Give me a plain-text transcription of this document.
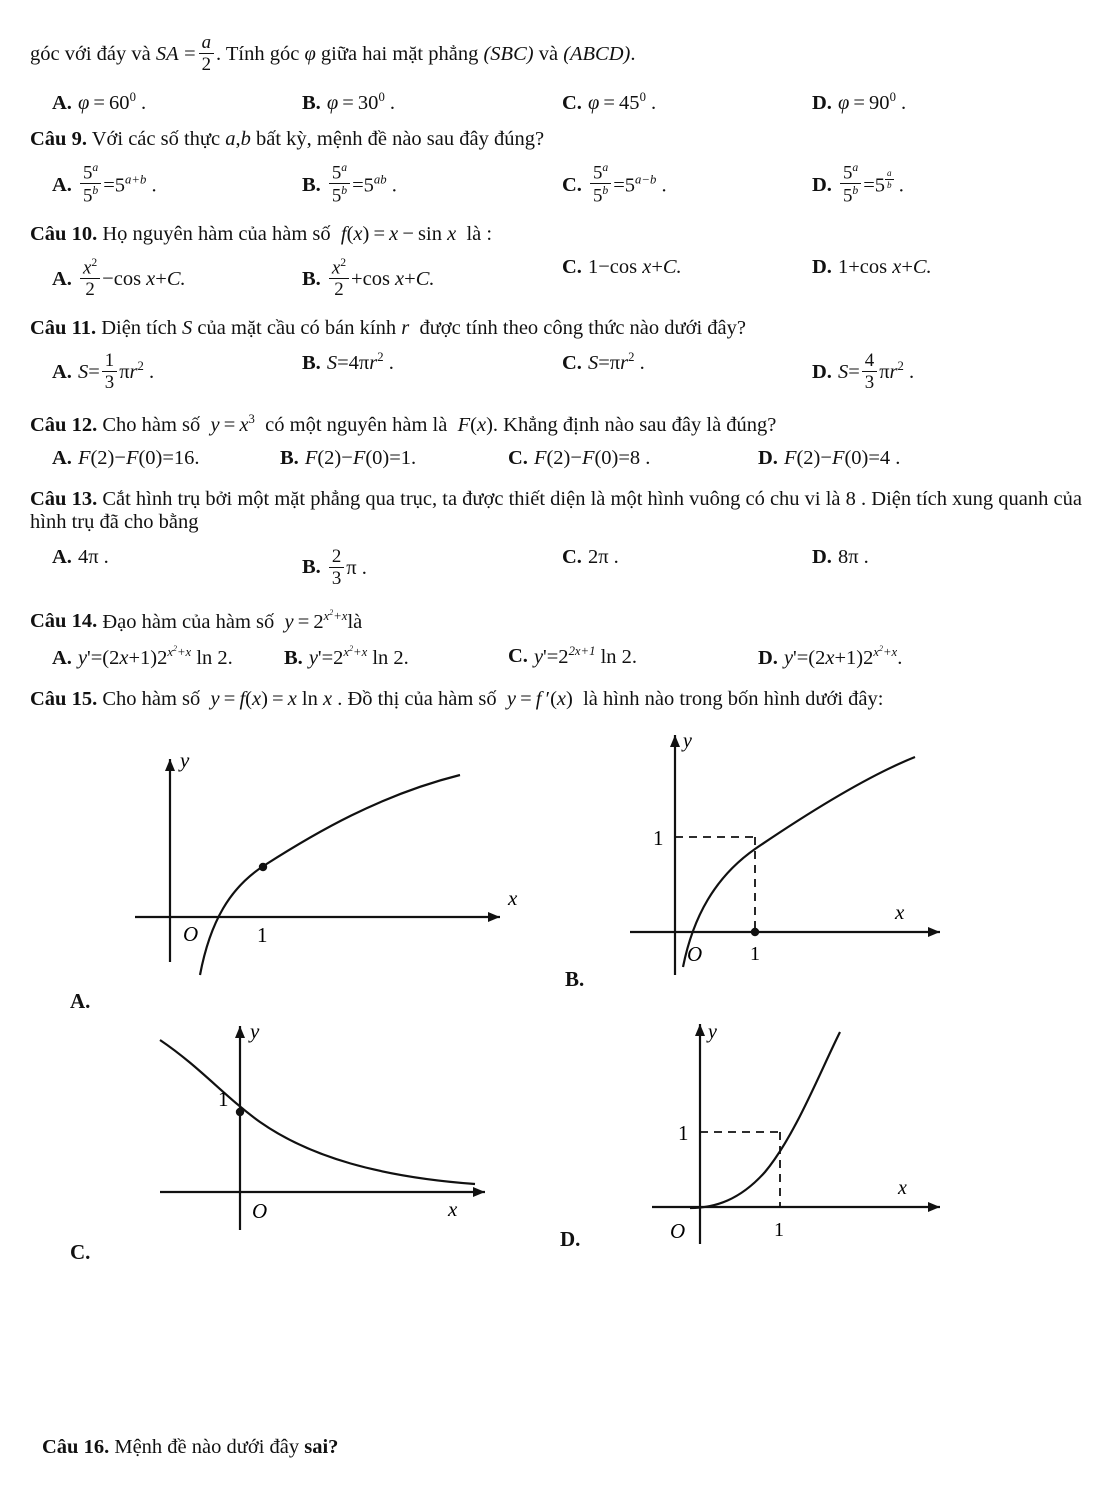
góc với đáy và SA = $\frac{a}{2}$ . Tính góc φ giữa hai mặt phẳng (SBC) và (ABCD).
A. $\varphi = 60^0$ .	B. $\varphi = 30^0$ .	C. $\varphi = 45^0$ .	D. $\varphi = 90^0$ .
Câu 9. Với các số thực a,b bất kỳ, mệnh đề nào sau đây đúng?
A. $\frac{5^a}{5^b} =5^{a+b}$ .	B. $\frac{5^a}{5^b} =5^{ab}$ .	C. $\frac{5^a}{5^b} =5^{a-b}$ .	D. $\frac{5^a}{5^b} =5$ $^{\frac{a}{b}}$ .
Câu 10. Họ nguyên hàm của hàm số  f(x) = x − sin x  là :
A. $\frac{x^2}{2} -\cos$ x+C.	B. $\frac{x^2}{2} +\cos$ x+C.
C. 1−cos x+C.	D. 1+cos x+C.
Câu 11. Diện tích S của mặt cầu có bán kính r  được tính theo công thức nào dưới đây?
A. $S= \frac{1}{3} \pi r^2$ .	B. $S=4\pi r^2$ .	C. $S=\pi r^2$ .	D. $S= \frac{4}{3} \pi r^2$ .
Câu 12. Cho hàm số  $y = x^3$  có một nguyên hàm là  F(x). Khẳng định nào sau đây là đúng?
A. F(2)−F(0)=16.	B. F(2)−F(0)=1.	C. F(2)−F(0)=8 .	D. F(2)−F(0)=4 .
Câu 13. Cắt hình trụ bởi một mặt phẳng qua trục, ta được thiết diện là một hình vuông có chu vi là 8 . Diện tích xung quanh của hình trụ đã cho bằng
A. 4π .	B. $\frac{2}{3}$ π .	C. 2π .	D. 8π .
Câu 14. Đạo hàm của hàm số  $y = 2^{x^2+x}là$
A. $y'=(2x+1)2^{x^2+x}$ ln 2. B. $y'=2^{x^2+x}$ ln 2.	C. $y'=2^{2x+1}$ ln 2.	D. $y'=(2x+1)2^{x^2+x}$.
Câu 15. Cho hàm số  y = f(x) = x ln x . Đồ thị của hàm số  y = f ′(x)  là hình nào trong bốn hình dưới đây:
O	1
x
y
A.
1
O 1
x
y
B.
1
O	x
y
C.
1
O	1
x
y
D.
Câu 16. Mệnh đề nào dưới đây sai?
